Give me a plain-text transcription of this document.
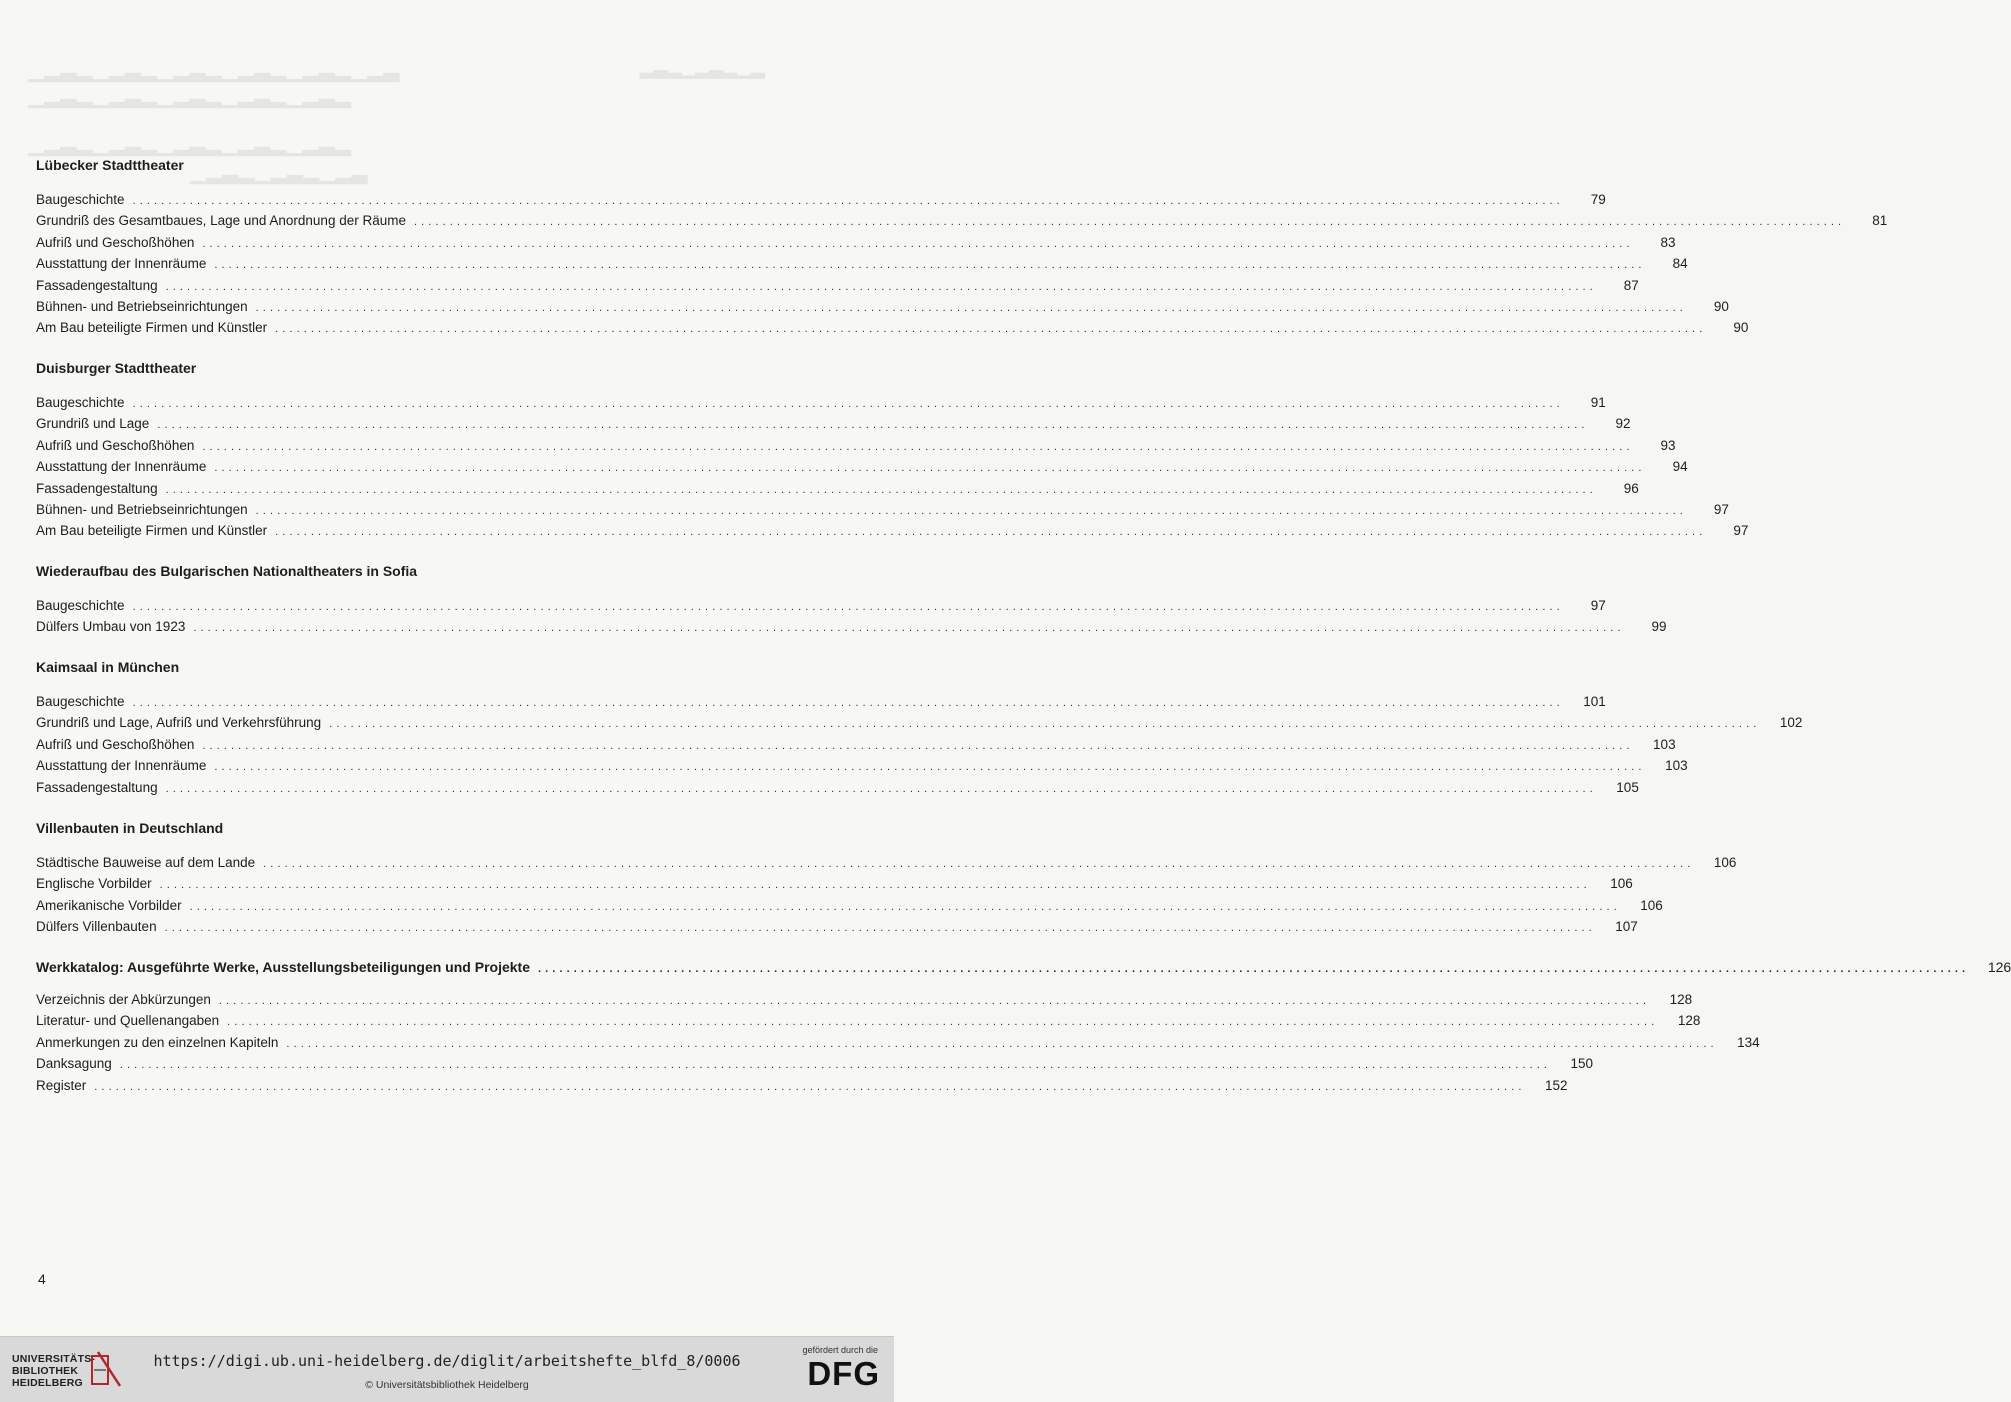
▁▂▃▂▁▂▃▂▁▂▃▂▁▂▃▂▁▂▃▂▁▂▃
▁▂▃▂▁▂▃▂▁▂▃▂▁▂▃▂▁▂▃▂
▁▂▃▂▁▂▃▂▁▂▃▂▁▂▃▂▁▂▃▂
▁▂▃▂▁▂▃▂▁▂▃
▂▃▂▁▂▃▂▁▂
Lübecker Stadttheater
Baugeschichte ........................................................................................................................................................................................................	79
Grundriß des Gesamtbaues, Lage und Anordnung der Räume ........................................................................................................................................................................................................	81
Aufriß und Geschoßhöhen ........................................................................................................................................................................................................	83
Ausstattung der Innenräume ........................................................................................................................................................................................................	84
Fassadengestaltung ........................................................................................................................................................................................................	87
Bühnen- und Betriebseinrichtungen ........................................................................................................................................................................................................	90
Am Bau beteiligte Firmen und Künstler ........................................................................................................................................................................................................	90
Duisburger Stadttheater
Baugeschichte ........................................................................................................................................................................................................	91
Grundriß und Lage ........................................................................................................................................................................................................	92
Aufriß und Geschoßhöhen ........................................................................................................................................................................................................	93
Ausstattung der Innenräume ........................................................................................................................................................................................................	94
Fassadengestaltung ........................................................................................................................................................................................................	96
Bühnen- und Betriebseinrichtungen ........................................................................................................................................................................................................	97
Am Bau beteiligte Firmen und Künstler ........................................................................................................................................................................................................	97
Wiederaufbau des Bulgarischen Nationaltheaters in Sofia
Baugeschichte ........................................................................................................................................................................................................	97
Dülfers Umbau von 1923 ........................................................................................................................................................................................................	99
Kaimsaal in München
Baugeschichte ........................................................................................................................................................................................................	101
Grundriß und Lage, Aufriß und Verkehrsführung ........................................................................................................................................................................................................	102
Aufriß und Geschoßhöhen ........................................................................................................................................................................................................	103
Ausstattung der Innenräume ........................................................................................................................................................................................................	103
Fassadengestaltung ........................................................................................................................................................................................................	105
Villenbauten in Deutschland
Städtische Bauweise auf dem Lande ........................................................................................................................................................................................................	106
Englische Vorbilder ........................................................................................................................................................................................................	106
Amerikanische Vorbilder ........................................................................................................................................................................................................	106
Dülfers Villenbauten ........................................................................................................................................................................................................	107
Werkkatalog: Ausgeführte Werke, Ausstellungsbeteiligungen und Projekte ........................................................................................................................................................................................................	126
Verzeichnis der Abkürzungen ........................................................................................................................................................................................................	128
Literatur- und Quellenangaben ........................................................................................................................................................................................................	128
Anmerkungen zu den einzelnen Kapiteln ........................................................................................................................................................................................................	134
Danksagung ........................................................................................................................................................................................................	150
Register ........................................................................................................................................................................................................	152
4
UNIVERSITÄTS-
BIBLIOTHEK
HEIDELBERG
https://digi.ub.uni-heidelberg.de/diglit/arbeitshefte_blfd_8/0006
© Universitätsbibliothek Heidelberg
gefördert durch die
DFG
